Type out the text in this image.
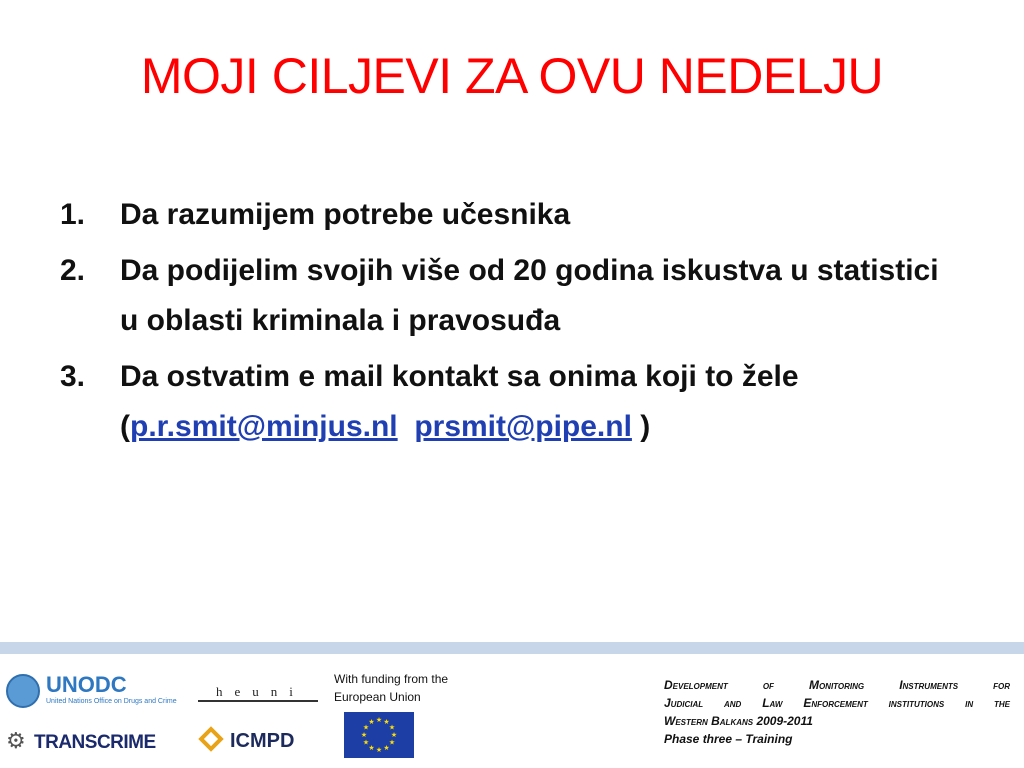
MOJI CILJEVI ZA OVU NEDELJU
1.	Da razumijem potrebe učesnika
2.	Da podijelim svojih više od 20 godina iskustva u statistici u oblasti kriminala i pravosuđa
3.	Da ostvatim e mail kontakt sa onima koji to žele
(p.r.smit@minjus.nl prsmit@pipe.nl )
UNODC
United Nations Office on Drugs and Crime
heuni
⚙ TRANSCRIME	ICMPD
With funding from the
European Union
★ ★
★
★
★
★
★
★
★
★
★
★
Development of Monitoring Instruments for
Judicial and Law Enforcement institutions in the
Western Balkans 2009-2011
Phase three – Training
